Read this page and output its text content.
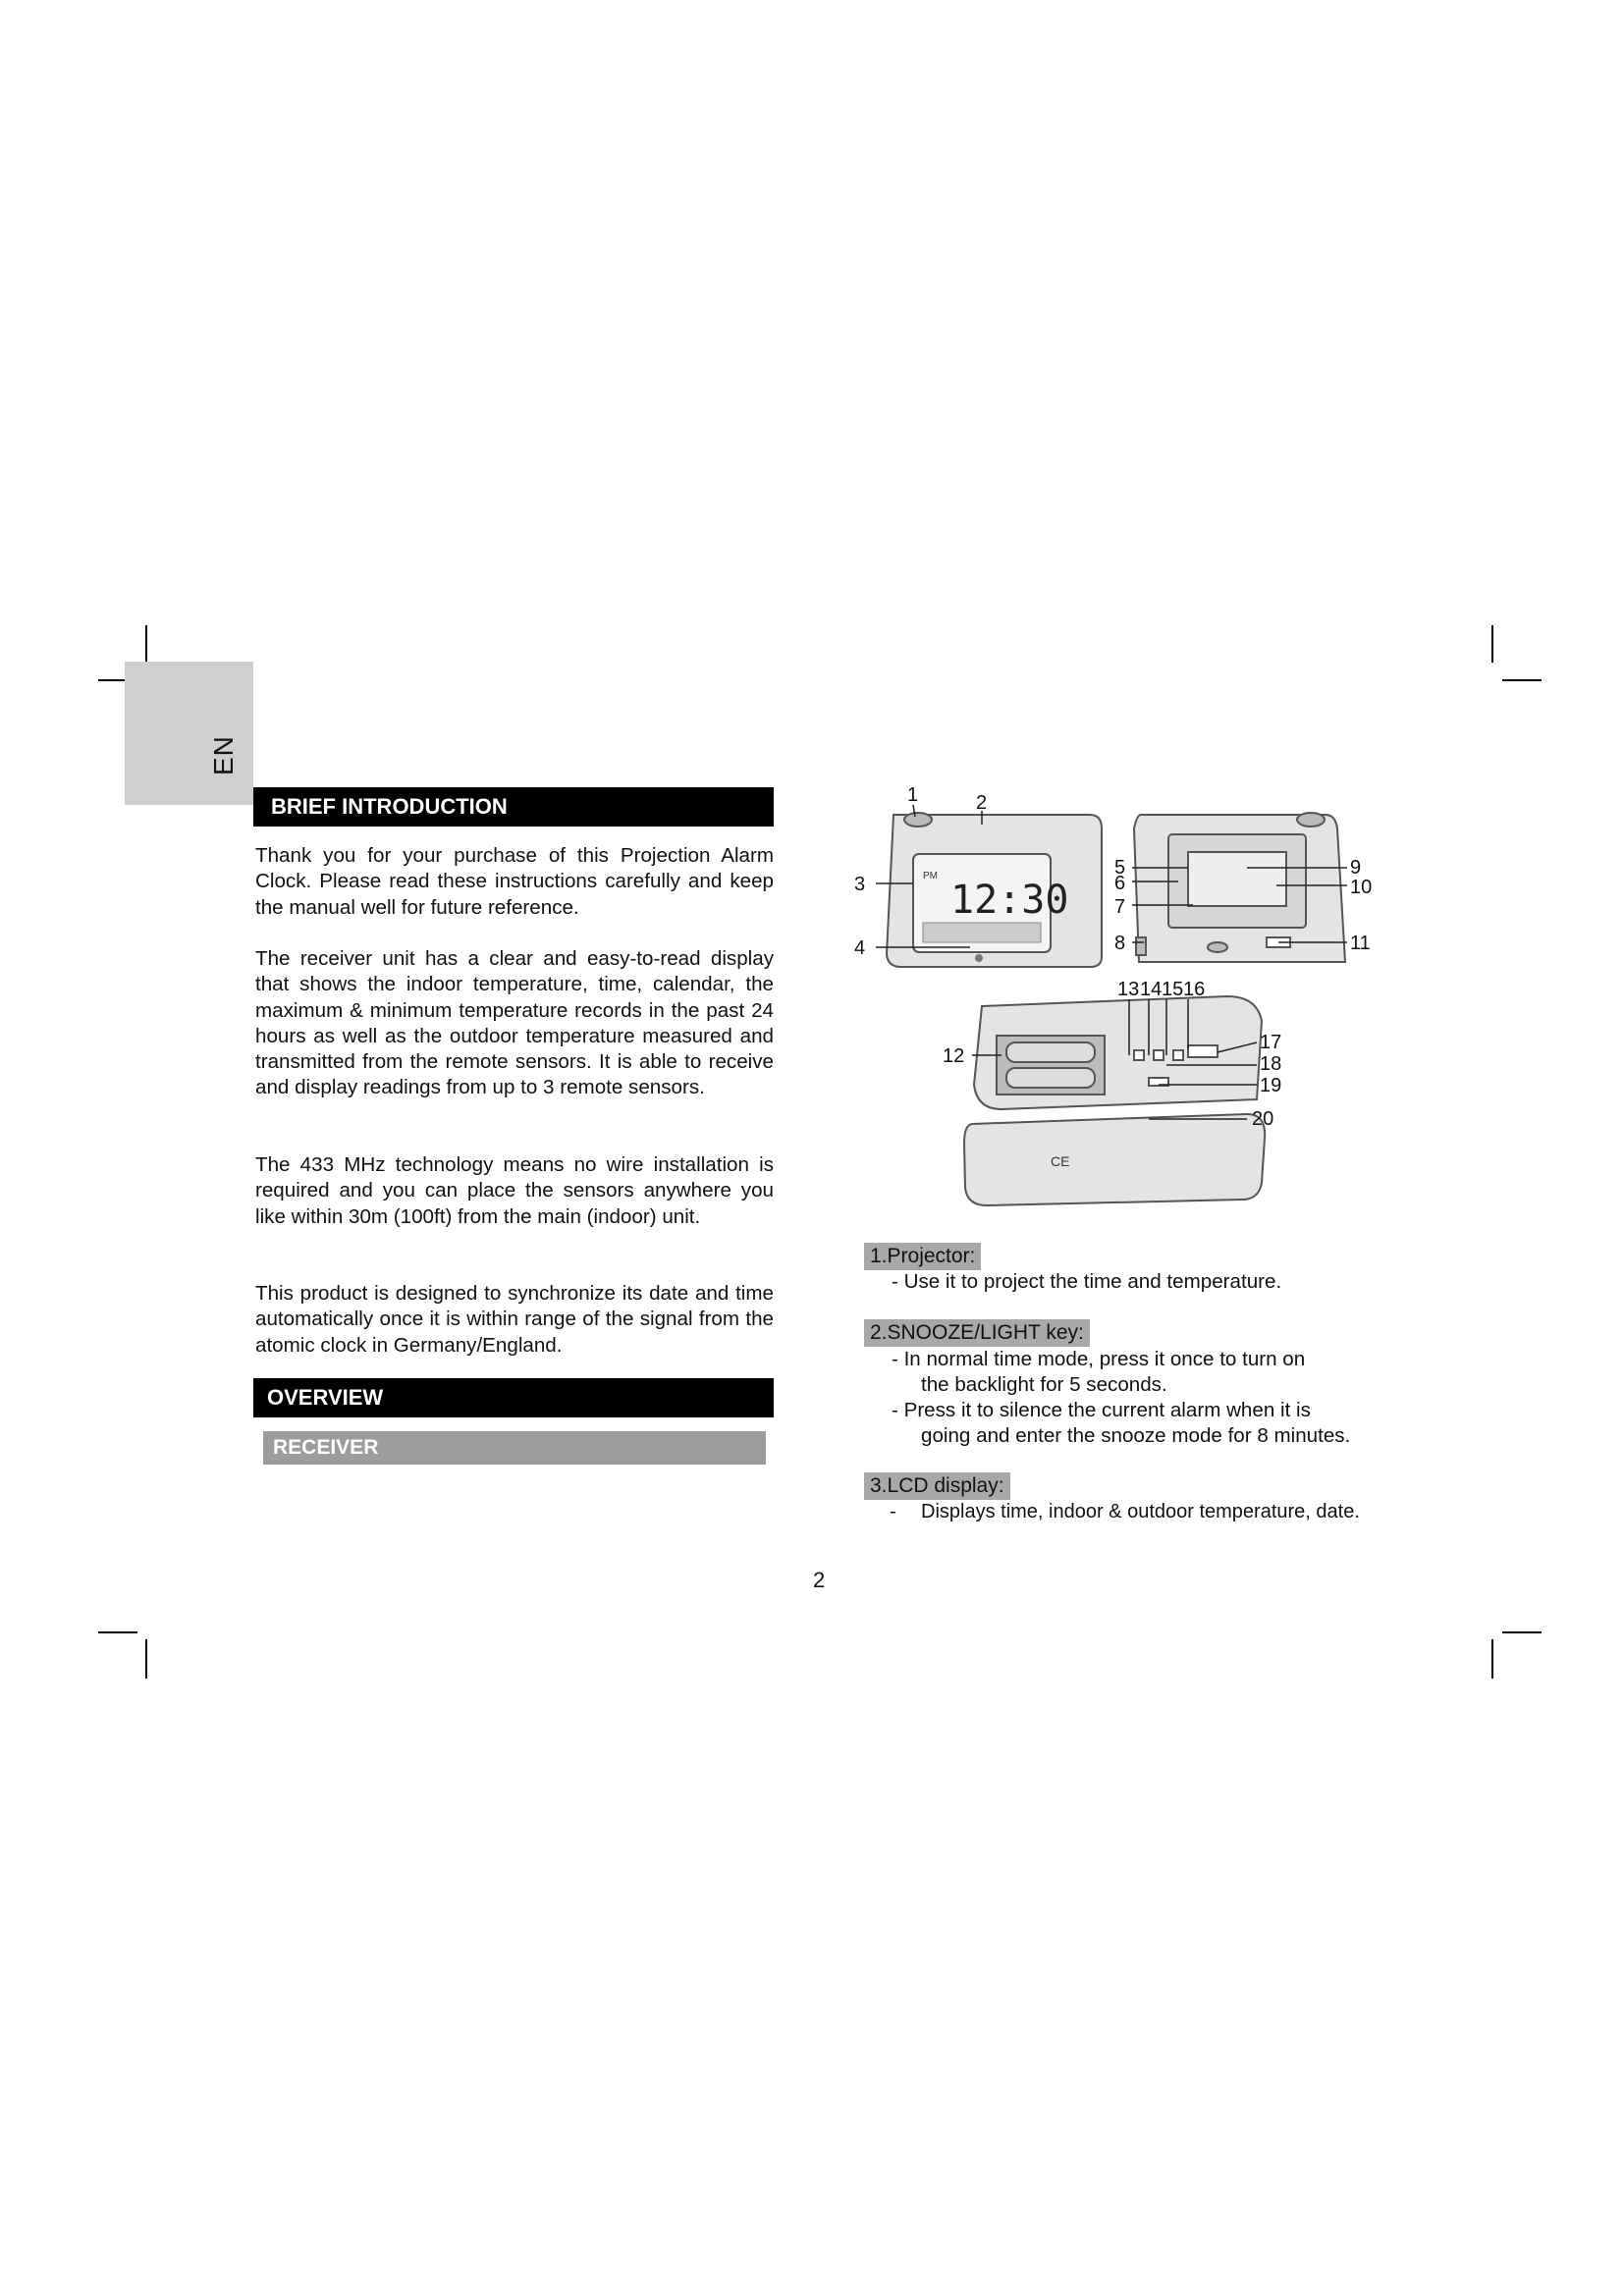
EN
BRIEF INTRODUCTION

Thank you for your purchase of this Projection Alarm Clock. Please read these instructions carefully and keep the manual well for future reference.

The receiver unit has a clear and easy-to-read display that shows the indoor temperature, time, calendar, the maximum & minimum temperature records in the past 24 hours as well as the outdoor temperature measured and transmitted from the remote sensors. It is able to receive and display readings from up to 3 remote sensors.

The 433 MHz technology means no wire installation is required and you can place the sensors anywhere you like within 30m (100ft) from the main (indoor) unit.

This product is designed to synchronize its date and time automatically once it is within range of the signal from the atomic clock in Germany/England.

OVERVIEW
RECEIVER
PM
12:30
CE
1	2
3
4
5
6
7
8
9
10
11
12
13 14 15 16
17
18
19
20
1.Projector:

- Use it to project the time and temperature.

2.SNOOZE/LIGHT key:

- In normal time mode, press it once to turn on

the backlight for 5 seconds.

- Press it to silence the current alarm when it is

going and enter the snooze mode for 8 minutes.

3.LCD display:

- Displays time, indoor & outdoor temperature, date.

2
